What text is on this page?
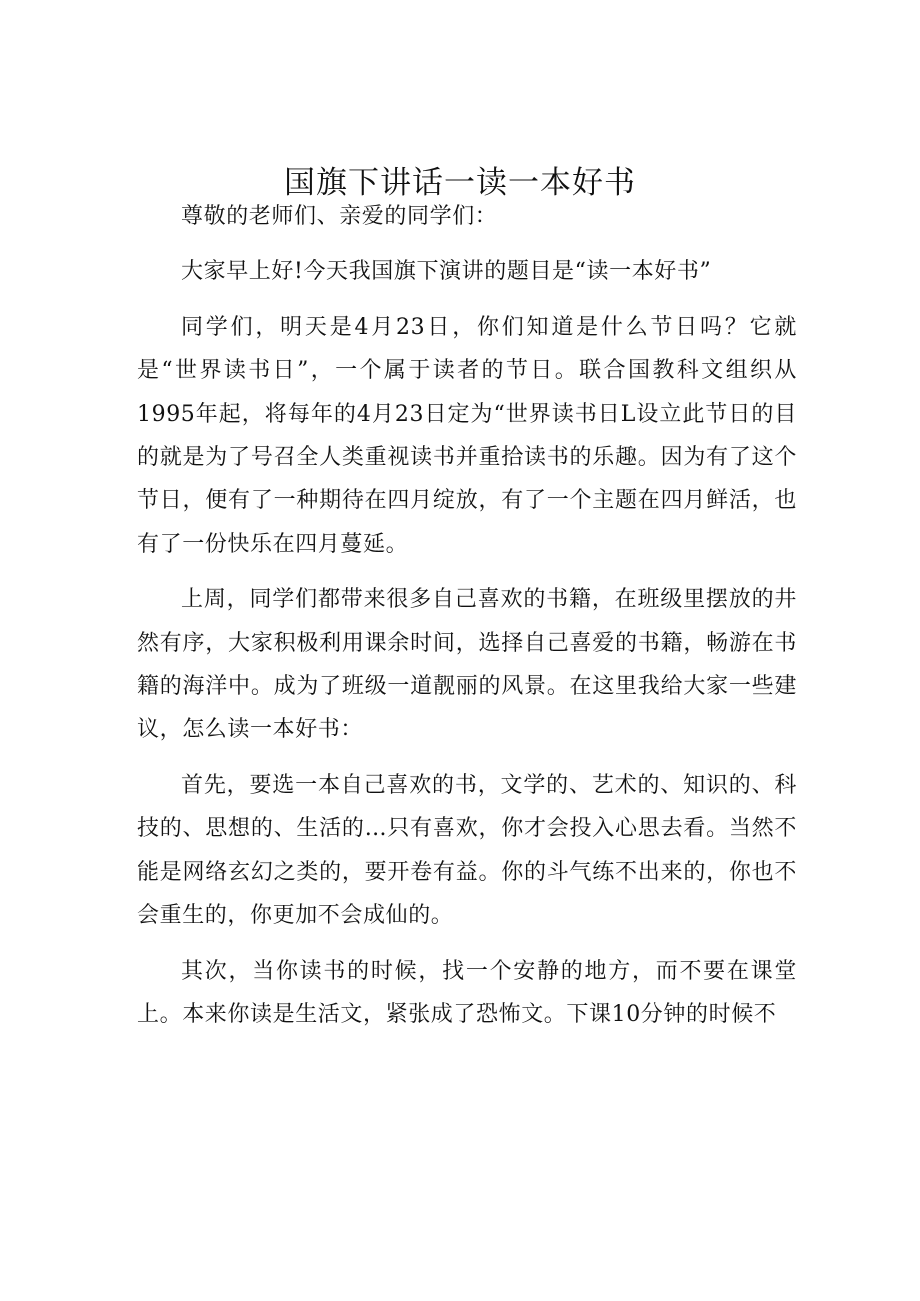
国旗下讲话一读一本好书

尊敬的老师们、亲爱的同学们：

大家早上好!今天我国旗下演讲的题目是“读一本好书”

同学们，明天是4月23日，你们知道是什么节日吗？它就是“世界读书日”，一个属于读者的节日。联合国教科文组织从1995年起，将每年的4月23日定为“世界读书日L设立此节日的目的就是为了号召全人类重视读书并重拾读书的乐趣。因为有了这个节日，便有了一种期待在四月绽放，有了一个主题在四月鲜活，也有了一份快乐在四月蔓延。

上周，同学们都带来很多自己喜欢的书籍，在班级里摆放的井然有序，大家积极利用课余时间，选择自己喜爱的书籍，畅游在书籍的海洋中。成为了班级一道靓丽的风景。在这里我给大家一些建议，怎么读一本好书：

首先，要选一本自己喜欢的书，文学的、艺术的、知识的、科技的、思想的、生活的…只有喜欢，你才会投入心思去看。当然不能是网络玄幻之类的，要开卷有益。你的斗气练不出来的，你也不会重生的，你更加不会成仙的。

其次，当你读书的时候，找一个安静的地方，而不要在课堂上。本来你读是生活文，紧张成了恐怖文。下课10分钟的时候不
